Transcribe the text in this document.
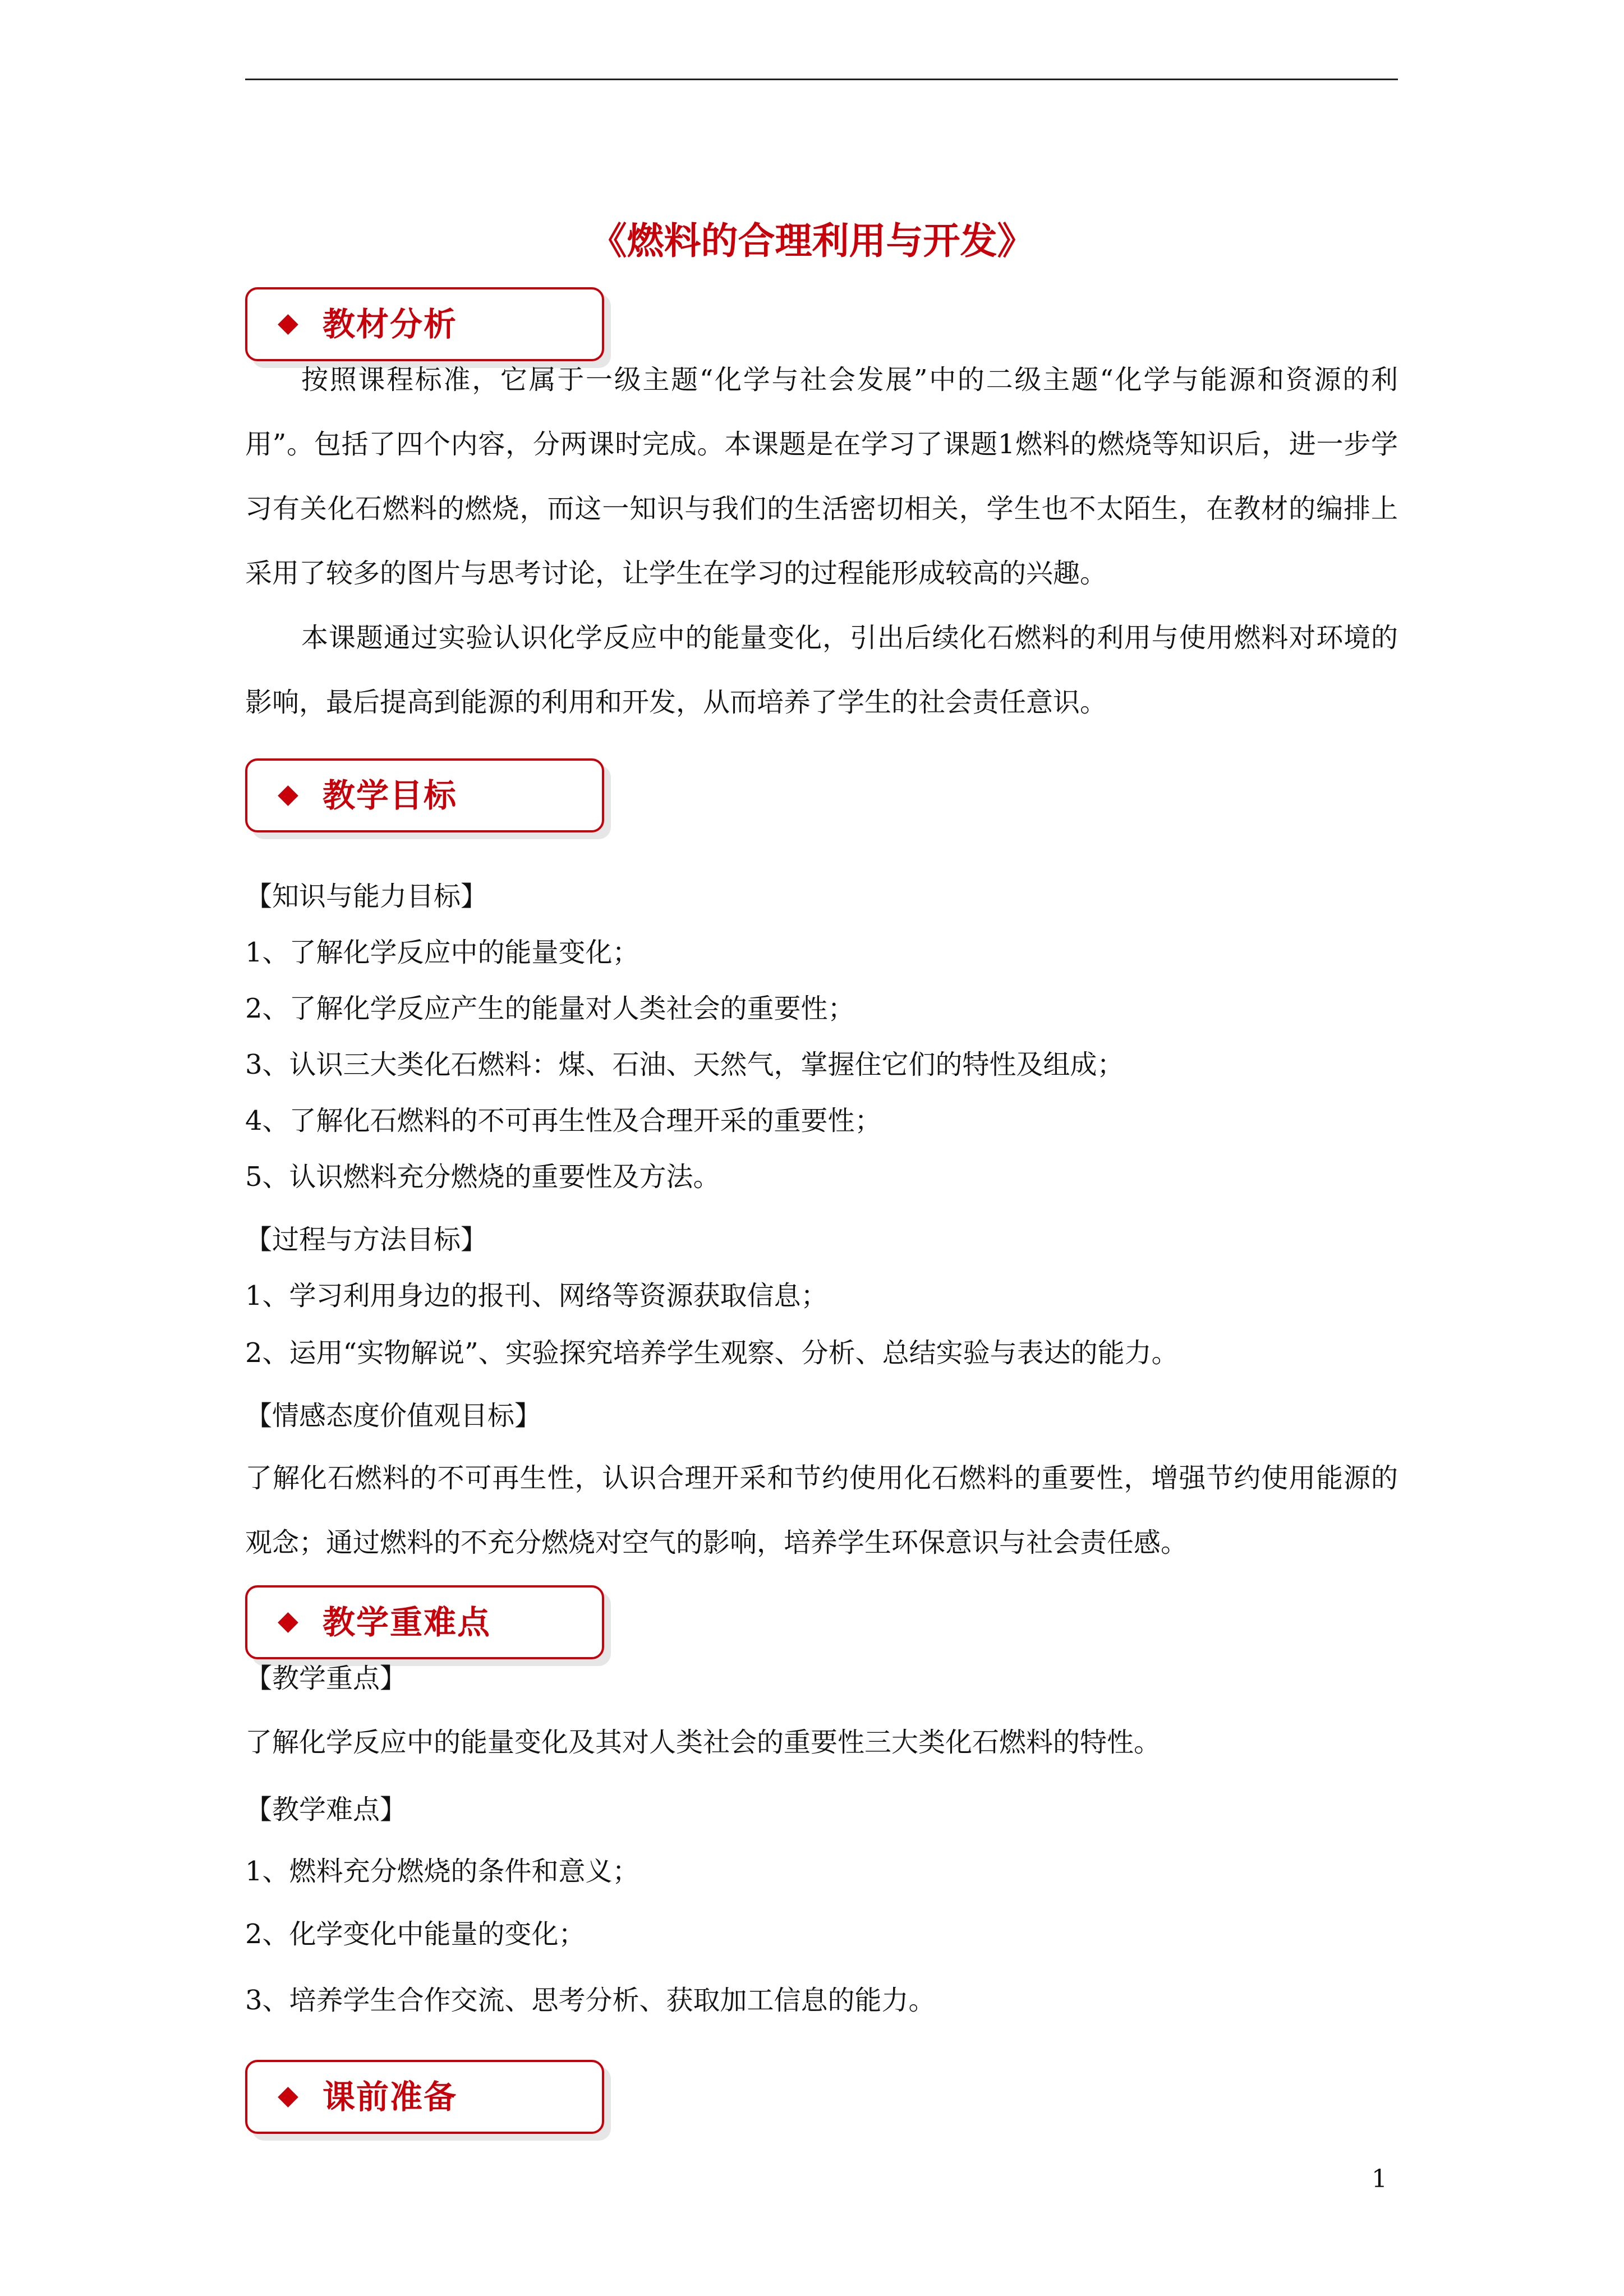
《燃料的合理利用与开发》
◆ 教材分析

按照课程标准，它属于一级主题“化学与社会发展”中的二级主题“化学与能源和资源的利用”。包括了四个内容，分两课时完成。本课题是在学习了课题1燃料的燃烧等知识后，进一步学习有关化石燃料的燃烧，而这一知识与我们的生活密切相关，学生也不太陌生，在教材的编排上采用了较多的图片与思考讨论，让学生在学习的过程能形成较高的兴趣。

本课题通过实验认识化学反应中的能量变化，引出后续化石燃料的利用与使用燃料对环境的影响，最后提高到能源的利用和开发，从而培养了学生的社会责任意识。

◆ 教学目标
【知识与能力目标】
1、了解化学反应中的能量变化；
2、了解化学反应产生的能量对人类社会的重要性；
3、认识三大类化石燃料：煤、石油、天然气，掌握住它们的特性及组成；
4、了解化石燃料的不可再生性及合理开采的重要性；
5、认识燃料充分燃烧的重要性及方法。
【过程与方法目标】
1、学习利用身边的报刊、网络等资源获取信息；
2、运用“实物解说”、实验探究培养学生观察、分析、总结实验与表达的能力。
【情感态度价值观目标】

了解化石燃料的不可再生性，认识合理开采和节约使用化石燃料的重要性，增强节约使用能源的观念；通过燃料的不充分燃烧对空气的影响，培养学生环保意识与社会责任感。

◆ 教学重难点
【教学重点】
了解化学反应中的能量变化及其对人类社会的重要性三大类化石燃料的特性。
【教学难点】
1、燃料充分燃烧的条件和意义；
2、化学变化中能量的变化；
3、培养学生合作交流、思考分析、获取加工信息的能力。
◆ 课前准备
1
